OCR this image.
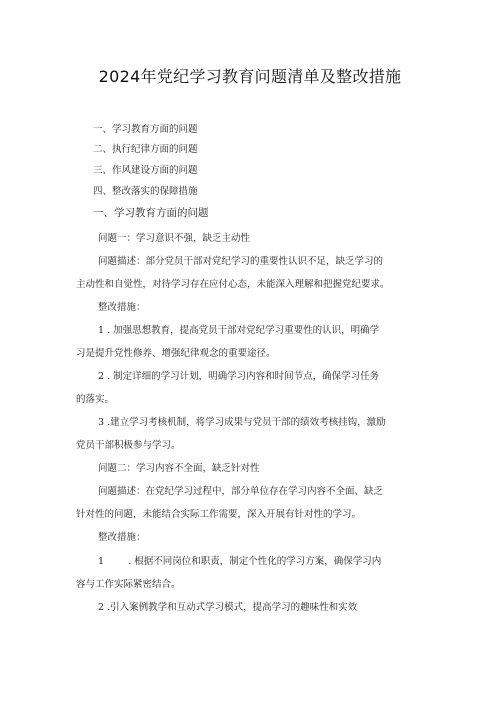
2024年党纪学习教育问题清单及整改措施
一、学习教育方面的问题
二、执行纪律方面的问题
三、作风建设方面的问题
四、整改落实的保障措施
一、学习教育方面的问题
问题一：学习意识不强，缺乏主动性
问题描述：部分党员干部对党纪学习的重要性认识不足，缺乏学习的
主动性和自觉性，对待学习存在应付心态，未能深入理解和把握党纪要求。
整改措施：
1 . 加强思想教育，提高党员干部对党纪学习重要性的认识，明确学
习是提升党性修养、增强纪律观念的重要途径。
2 . 制定详细的学习计划，明确学习内容和时间节点，确保学习任务
的落实。
3 .建立学习考核机制，将学习成果与党员干部的绩效考核挂钩，激励
党员干部积极参与学习。
问题二：学习内容不全面，缺乏针对性
问题描述：在党纪学习过程中，部分单位存在学习内容不全面、缺乏
针对性的问题，未能结合实际工作需要，深入开展有针对性的学习。
整改措施：
1        . 根据不同岗位和职责，制定个性化的学习方案，确保学习内
容与工作实际紧密结合。
2 .引入案例教学和互动式学习模式，提高学习的趣味性和实效
